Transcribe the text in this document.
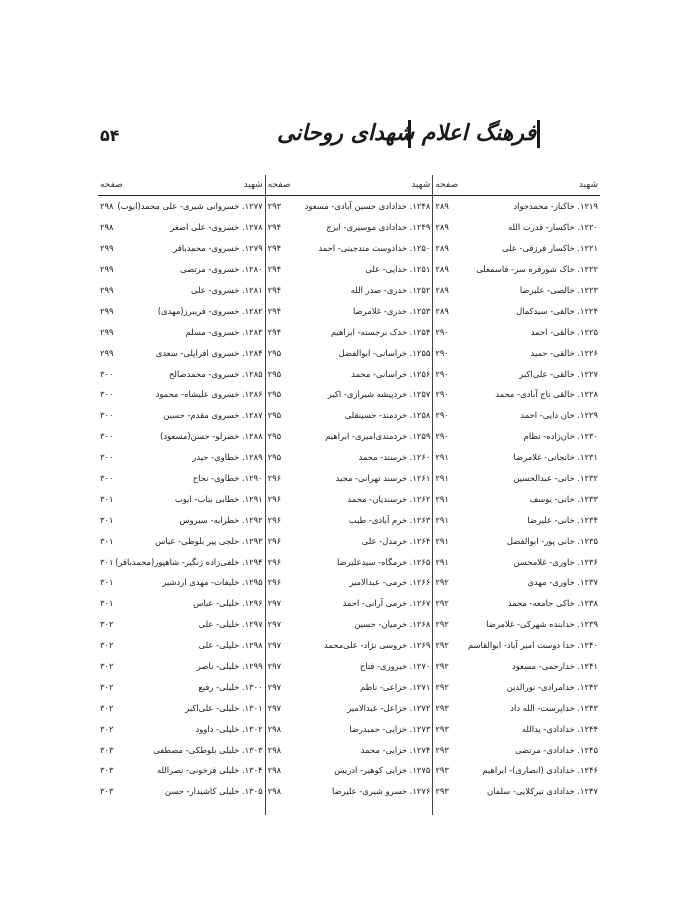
۵۴	فرهنگ اعلام شهدای روحانی
شهید
صفحه
۱۲۱۹. خاکباز- محمدجواد
۲۸۹
۱۲۲۰. خاکسار- قدرت الله
۲۸۹
۱۲۲۱. خاکسار فرزقی- علی
۲۸۹
۱۲۲۲. خاک شورقره سر- قاسمعلی
۲۸۹
۱۲۲۳. خالصی- علیرضا
۲۸۹
۱۲۲۴. خالقی- سیدکمال
۲۸۹
۱۲۲۵. خالقی- احمد
۲۹۰
۱۲۲۶. خالقی- حمید
۲۹۰
۱۲۲۷. خالقی- علی‌اکبر
۲۹۰
۱۲۲۸. خالقی تاج آبادی- محمد
۲۹۰
۱۲۲۹. خان دایی- احمد
۲۹۰
۱۲۳۰. خان‌زاده- نظام
۲۹۰
۱۲۳۱. خانجانی- غلامرضا
۲۹۱
۱۲۳۲. خانی- عبدالحسین
۲۹۱
۱۲۳۳. خانی- یوسف
۲۹۱
۱۲۳۴. خانی- علیرضا
۲۹۱
۱۲۳۵. خانی پور- ابوالفضل
۲۹۱
۱۲۳۶. خاوری- غلامحسن
۲۹۱
۱۲۳۷. خاوری- مهدی
۲۹۲
۱۲۳۸. خاکی جامعه- محمد
۲۹۲
۱۲۳۹. خدابنده شهرکی- غلامرضا
۲۹۲
۱۲۴۰. خدا دوست امیر آباد- ابوالقاسم
۲۹۲
۱۲۴۱. خدارحمی- مسعود
۲۹۲
۱۲۴۲. خدامرادی- نورالدین
۲۹۲
۱۲۴۳. خداپرست- الله داد
۲۹۳
۱۲۴۴. خدادادی- یدالله
۲۹۳
۱۲۴۵. خدادادی- مرتضی
۲۹۳
۱۲۴۶. خدادادی (انصاری)- ابراهیم
۲۹۳
۱۲۴۷. خدادادی تیرکلایی- سلمان
۲۹۳
شهید
صفحه
۱۲۴۸. خدادادی حسین آبادی- مسعود
۲۹۳
۱۲۴۹. خدادادی موسیری- ایرج
۲۹۴
۱۲۵۰. خدادوست مندجینی- احمد
۲۹۴
۱۲۵۱. خدایی- علی
۲۹۴
۱۲۵۲. خدری- صدر الله
۲۹۴
۱۲۵۳. خدری- غلامرضا
۲۹۴
۱۲۵۴. خدک برجسته- ابراهیم
۲۹۴
۱۲۵۵. خراسانی- ابوالفضل
۲۹۵
۱۲۵۶. خراسانی- محمد
۲۹۵
۱۲۵۷. خردپیشه شیرازی- اکبر
۲۹۵
۱۲۵۸. خردمند- حسینقلی
۲۹۵
۱۲۵۹. خردمندی‌امیری- ابراهیم
۲۹۵
۱۲۶۰. خرسند- محمد
۲۹۵
۱۲۶۱. خرسند تهرانی- مجید
۲۹۶
۱۲۶۲. خرسندیان- محمد
۲۹۶
۱۲۶۳. خرم آبادی- طیب
۲۹۶
۱۲۶۴. خرمدل- علی
۲۹۶
۱۲۶۵. خرمگاه- سیدعلیرضا
۲۹۶
۱۲۶۶. خرمی- عبدالامیر
۲۹۶
۱۲۶۷. خرمی آرانی- احمد
۲۹۷
۱۲۶۸. خرمیان- حسین
۲۹۷
۱۲۶۹. خروسی نژاد- علی‌محمد
۲۹۷
۱۲۷۰. خیروزی- فتاح
۲۹۷
۱۲۷۱. خزاعی- ناظم
۲۹۷
۱۲۷۲. خزاعل- عبدالامیر
۲۹۷
۱۲۷۳. خزایی- حمیدرضا
۲۹۸
۱۲۷۴. خزایی- محمد
۲۹۸
۱۲۷۵. خزایی کوهیر- ادریس
۲۹۸
۱۲۷۶. خسرو شیری- علیرضا
۲۹۸
شهید
صفحه
۱۲۷۷. خسروانی شیری- علی محمد(ایوب)
۲۹۸
۱۲۷۸. خسروی- علی اصغر
۲۹۸
۱۲۷۹. خسروی- محمدباقر
۲۹۹
۱۲۸۰. خسروی- مرتضی
۲۹۹
۱۲۸۱. خسروی- علی
۲۹۹
۱۲۸۲. خسروی- فریبرز(مهدی)
۲۹۹
۱۲۸۳. خسروی- مسلم
۲۹۹
۱۲۸۴. خسروی افراپلی- سعدی
۲۹۹
۱۲۸۵. خسروی- محمدصالح
۳۰۰
۱۲۸۶. خسروی علیشاه- محمود
۳۰۰
۱۲۸۷. خسروی مقدم- حسین
۳۰۰
۱۲۸۸. خضرلو- حسن(مسعود)
۳۰۰
۱۲۸۹. خطاوی- حیدر
۳۰۰
۱۲۹۰. خطاوی- نجاح
۳۰۰
۱۲۹۱. خطابی بناب- ایوب
۳۰۱
۱۲۹۲. خطرابه- سیروس
۳۰۱
۱۲۹۳. خلجی پیر بلوطی- عباس
۳۰۱
۱۲۹۴. خلفی‌زاده زنگیر- شاهپور(محمدباقر)
۳۰۱
۱۲۹۵. خلیفات- مهدی اردشیر
۳۰۱
۱۲۹۶. خلیلی- عباس
۳۰۱
۱۲۹۷. خلیلی- علی
۳۰۲
۱۲۹۸. خلیلی- علی
۳۰۲
۱۲۹۹. خلیلی- ناصر
۳۰۲
۱۳۰۰. خلیلی- رفیع
۳۰۲
۱۳۰۱. خلیلی- علی‌اکبر
۳۰۲
۱۳۰۲. خلیلی- داوود
۳۰۲
۱۳۰۳. خلیلی بلوطکی- مصطفی
۳۰۳
۱۳۰۴. خلیلی فرخونی- نصرالله
۳۰۳
۱۳۰۵. خلیلی کاشیدار- حسن
۳۰۳
